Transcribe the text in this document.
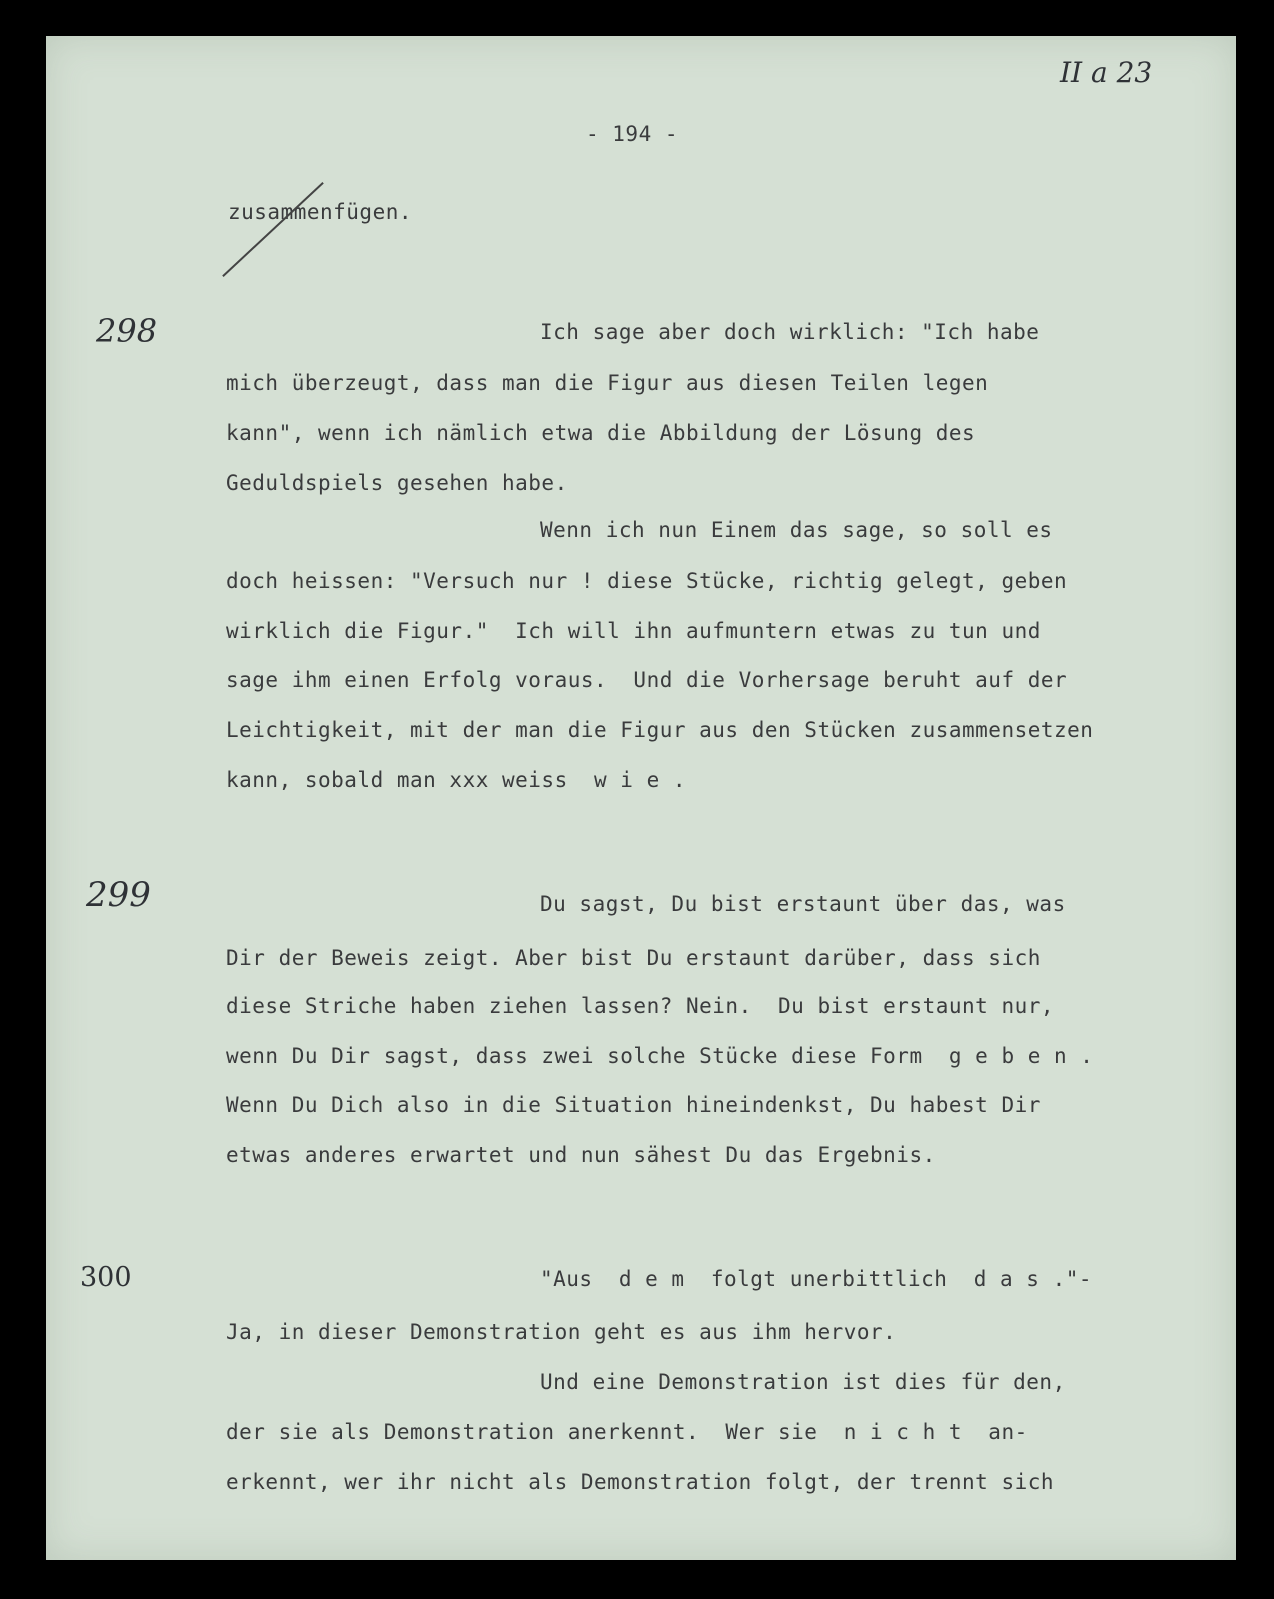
II a 23
298
299
300
- 194 -
zusammenfügen.
Ich sage aber doch wirklich: "Ich habe
mich überzeugt, dass man die Figur aus diesen Teilen legen
kann", wenn ich nämlich etwa die Abbildung der Lösung des
Geduldspiels gesehen habe.
Wenn ich nun Einem das sage, so soll es
doch heissen: "Versuch nur ! diese Stücke, richtig gelegt, geben
wirklich die Figur."  Ich will ihn aufmuntern etwas zu tun und
sage ihm einen Erfolg voraus.  Und die Vorhersage beruht auf der
Leichtigkeit, mit der man die Figur aus den Stücken zusammensetzen
kann, sobald man xxx weiss  w i e .
Du sagst, Du bist erstaunt über das, was
Dir der Beweis zeigt. Aber bist Du erstaunt darüber, dass sich
diese Striche haben ziehen lassen? Nein.  Du bist erstaunt nur,
wenn Du Dir sagst, dass zwei solche Stücke diese Form  g e b e n .
Wenn Du Dich also in die Situation hineindenkst, Du habest Dir
etwas anderes erwartet und nun sähest Du das Ergebnis.
"Aus  d e m  folgt unerbittlich  d a s ."-
Ja, in dieser Demonstration geht es aus ihm hervor.
Und eine Demonstration ist dies für den,
der sie als Demonstration anerkennt.  Wer sie  n i c h t  an-
erkennt, wer ihr nicht als Demonstration folgt, der trennt sich
